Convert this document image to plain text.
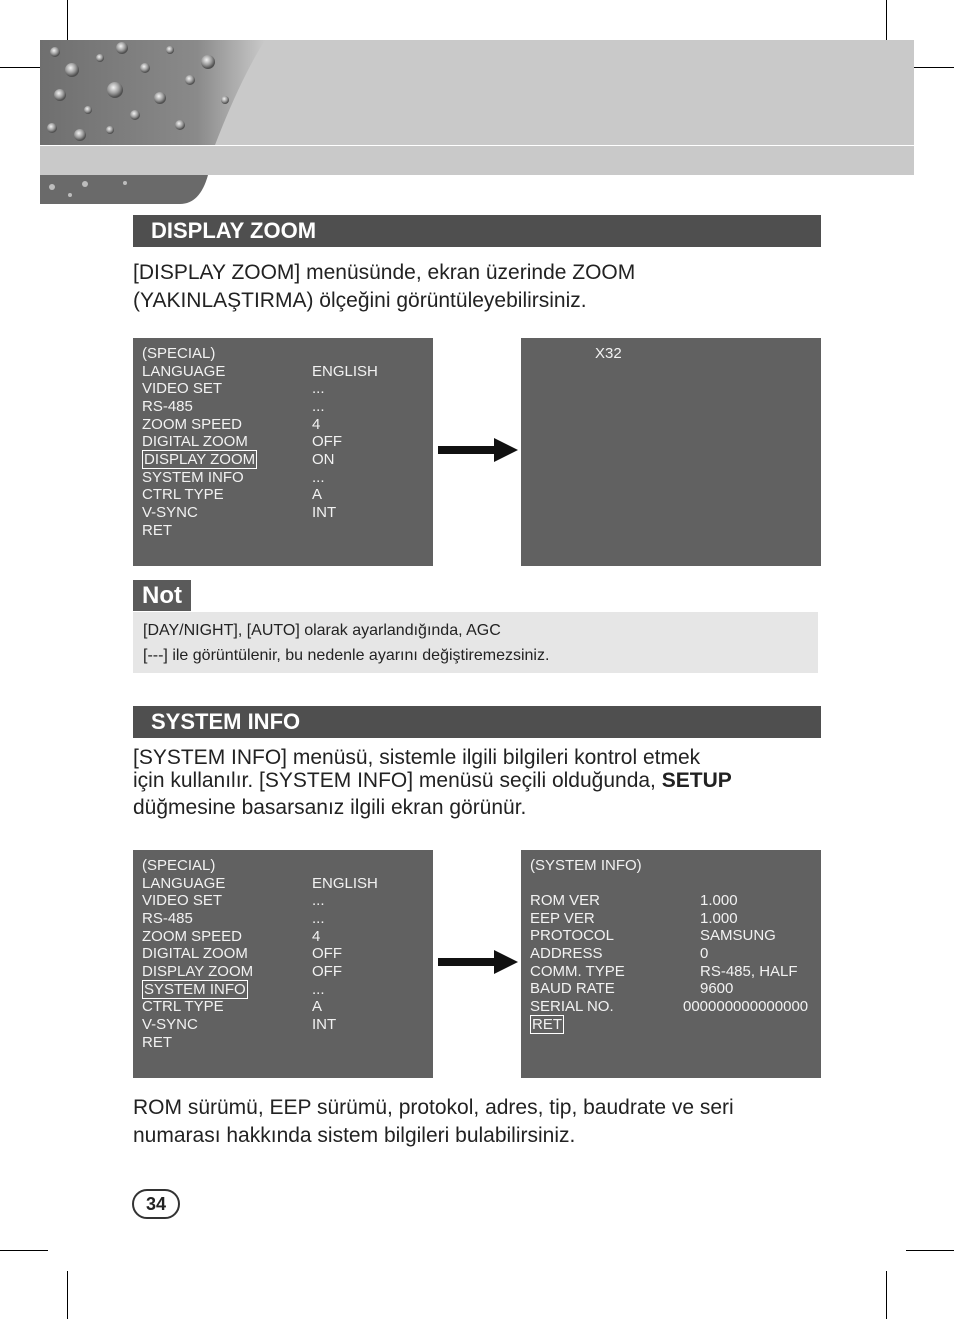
DISPLAY ZOOM
[DISPLAY ZOOM] menüsünde, ekran üzerinde ZOOM
(YAKINLAŞTIRMA) ölçeğini görüntüleyebilirsiniz.
(SPECIAL)
LANGUAGE	ENGLISH
VIDEO SET	...
RS-485	...
ZOOM SPEED	4
DIGITAL ZOOM	OFF
DISPLAY ZOOM	ON
SYSTEM INFO	...
CTRL TYPE	A
V-SYNC	INT
RET
X32
Not
[DAY/NIGHT], [AUTO] olarak ayarlandığında, AGC
[---] ile görüntülenir, bu nedenle ayarını değiştiremezsiniz.
SYSTEM INFO
[SYSTEM INFO] menüsü, sistemle ilgili bilgileri kontrol etmek
için kullanılır. [SYSTEM INFO] menüsü seçili olduğunda, SETUP
düğmesine basarsanız ilgili ekran görünür.
(SPECIAL)
LANGUAGE	ENGLISH
VIDEO SET	...
RS-485	...
ZOOM SPEED	4
DIGITAL ZOOM	OFF
DISPLAY ZOOM	OFF
SYSTEM INFO	...
CTRL TYPE	A
V-SYNC	INT
RET
(SYSTEM INFO)
ROM VER	1.000
EEP VER	1.000
PROTOCOL	SAMSUNG
ADDRESS	0
COMM. TYPE	RS-485, HALF
BAUD RATE	9600
SERIAL NO.	000000000000000
RET
ROM sürümü, EEP sürümü, protokol, adres, tip, baudrate ve seri
numarası hakkında sistem bilgileri bulabilirsiniz.
34
